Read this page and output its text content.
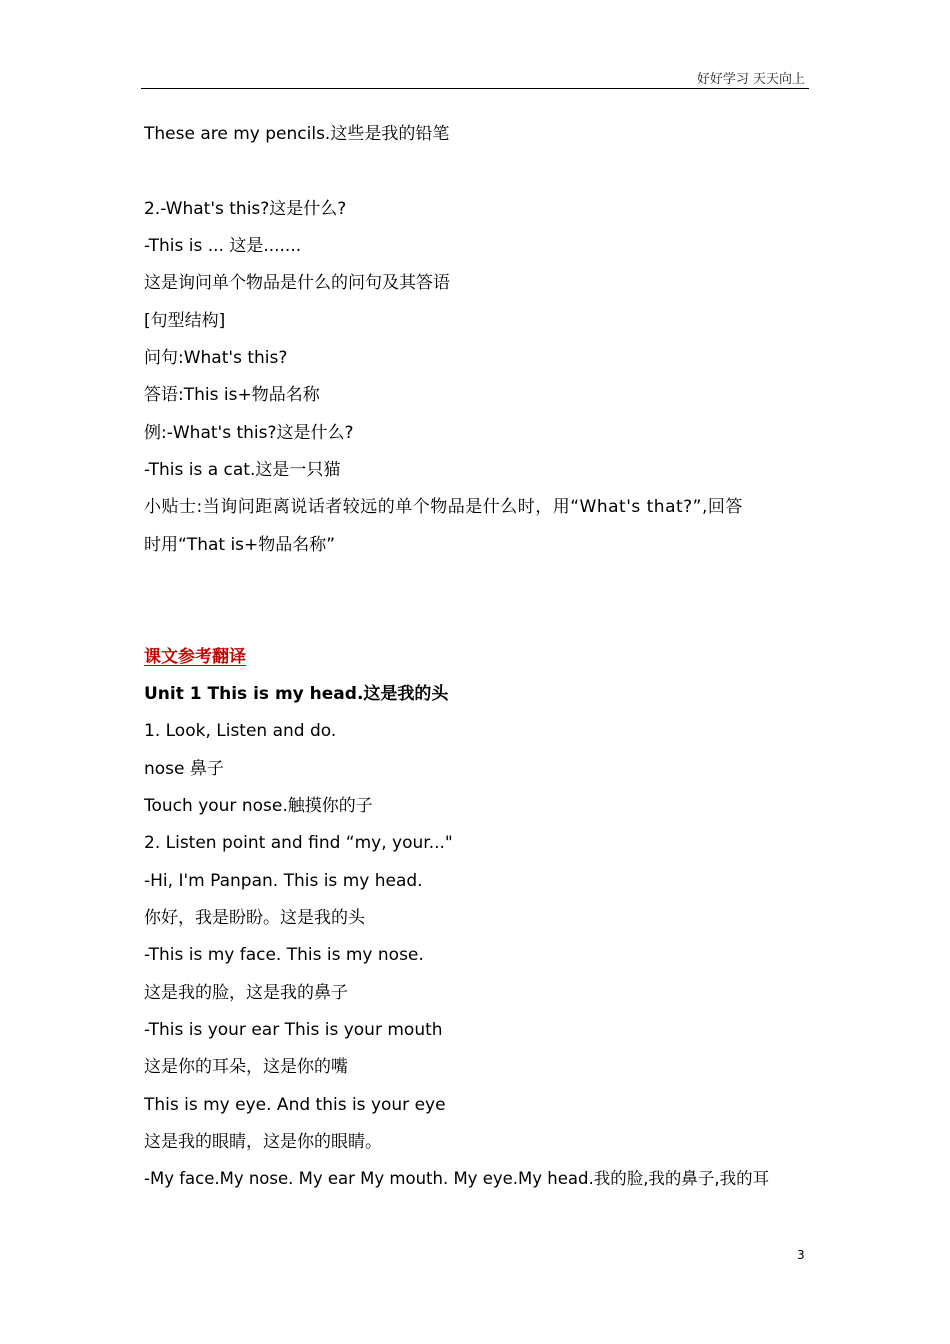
好好学习 天天向上
These are my pencils.这些是我的铅笔
2.-What's this?这是什么?
-This is ... 这是.......
这是询问单个物品是什么的问句及其答语
[句型结构]
问句:What's this?
答语:This is+物品名称
例:-What's this?这是什么?
-This is a cat.这是一只猫
小贴士:当询问距离说话者较远的单个物品是什么时，用“What's that?”,回答
时用“That is+物品名称”
课文参考翻译
Unit 1 This is my head.这是我的头
1. Look, Listen and do.
nose 鼻子
Touch your nose.触摸你的子
2. Listen point and find “my, your..."
-Hi, I'm Panpan. This is my head.
你好，我是盼盼。这是我的头
-This is my face. This is my nose.
这是我的脸，这是我的鼻子
-This is your ear This is your mouth
这是你的耳朵，这是你的嘴
This is my eye. And this is your eye
这是我的眼睛，这是你的眼睛。
-My face.My nose. My ear My mouth. My eye.My head.我的脸,我的鼻子,我的耳
3
